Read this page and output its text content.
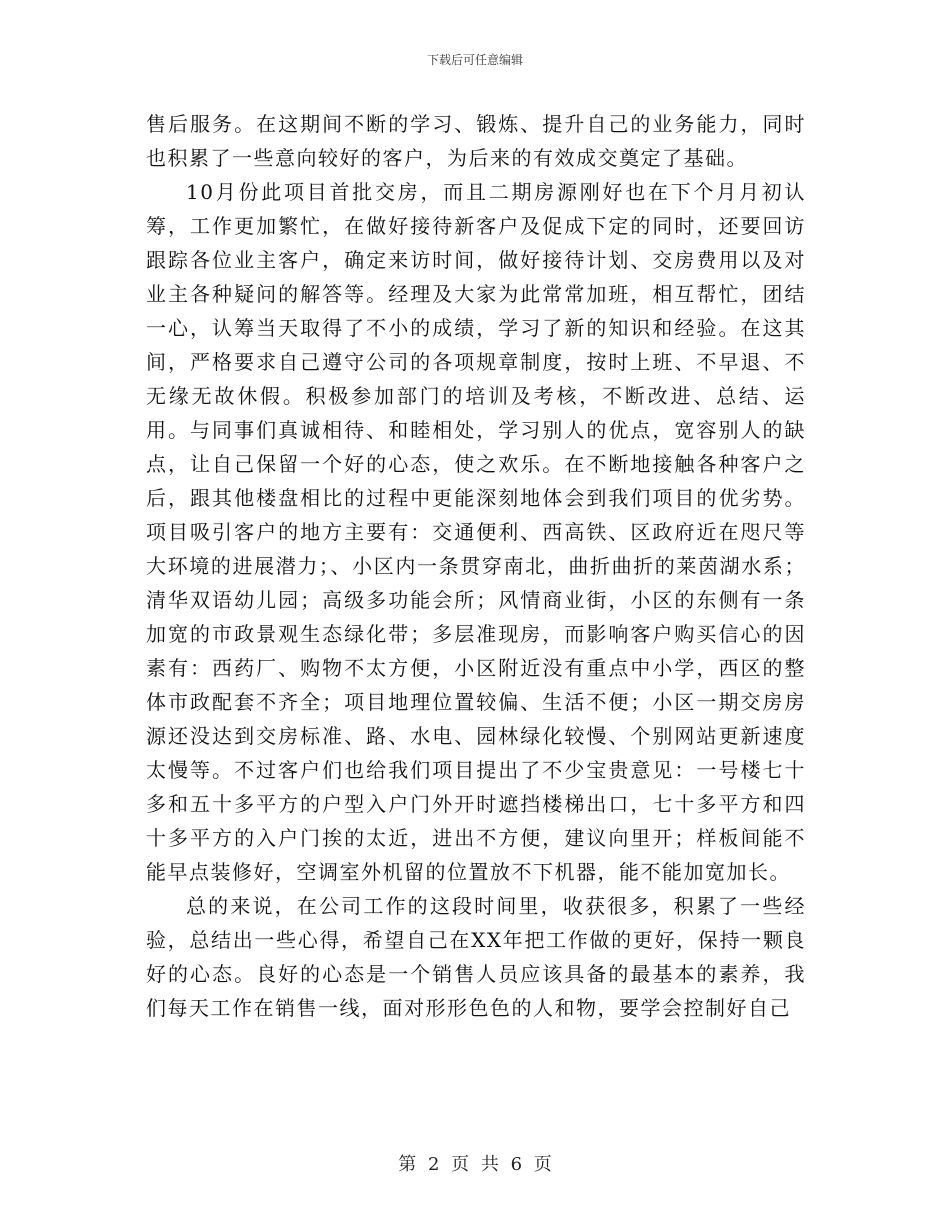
下载后可任意编辑

售后服务。在这期间不断的学习、锻炼、提升自己的业务能力，同时也积累了一些意向较好的客户，为后来的有效成交奠定了基础。

10月份此项目首批交房，而且二期房源刚好也在下个月月初认筹，工作更加繁忙，在做好接待新客户及促成下定的同时，还要回访跟踪各位业主客户，确定来访时间，做好接待计划、交房费用以及对业主各种疑问的解答等。经理及大家为此常常加班，相互帮忙，团结一心，认筹当天取得了不小的成绩，学习了新的知识和经验。在这其间，严格要求自己遵守公司的各项规章制度，按时上班、不早退、不无缘无故休假。积极参加部门的培训及考核，不断改进、总结、运用。与同事们真诚相待、和睦相处，学习别人的优点，宽容别人的缺点，让自己保留一个好的心态，使之欢乐。在不断地接触各种客户之后，跟其他楼盘相比的过程中更能深刻地体会到我们项目的优劣势。项目吸引客户的地方主要有：交通便利、西高铁、区政府近在咫尺等大环境的进展潜力；、小区内一条贯穿南北，曲折曲折的莱茵湖水系；清华双语幼儿园；高级多功能会所；风情商业街，小区的东侧有一条加宽的市政景观生态绿化带；多层准现房，而影响客户购买信心的因素有：西药厂、购物不太方便，小区附近没有重点中小学，西区的整体市政配套不齐全；项目地理位置较偏、生活不便；小区一期交房房源还没达到交房标准、路、水电、园林绿化较慢、个别网站更新速度太慢等。不过客户们也给我们项目提出了不少宝贵意见：一号楼七十多和五十多平方的户型入户门外开时遮挡楼梯出口，七十多平方和四十多平方的入户门挨的太近，进出不方便，建议向里开；样板间能不能早点装修好，空调室外机留的位置放不下机器，能不能加宽加长。

总的来说，在公司工作的这段时间里，收获很多，积累了一些经验，总结出一些心得，希望自己在XX年把工作做的更好，保持一颗良好的心态。良好的心态是一个销售人员应该具备的最基本的素养，我们每天工作在销售一线，面对形形色色的人和物，要学会控制好自己

第 2 页 共 6 页
